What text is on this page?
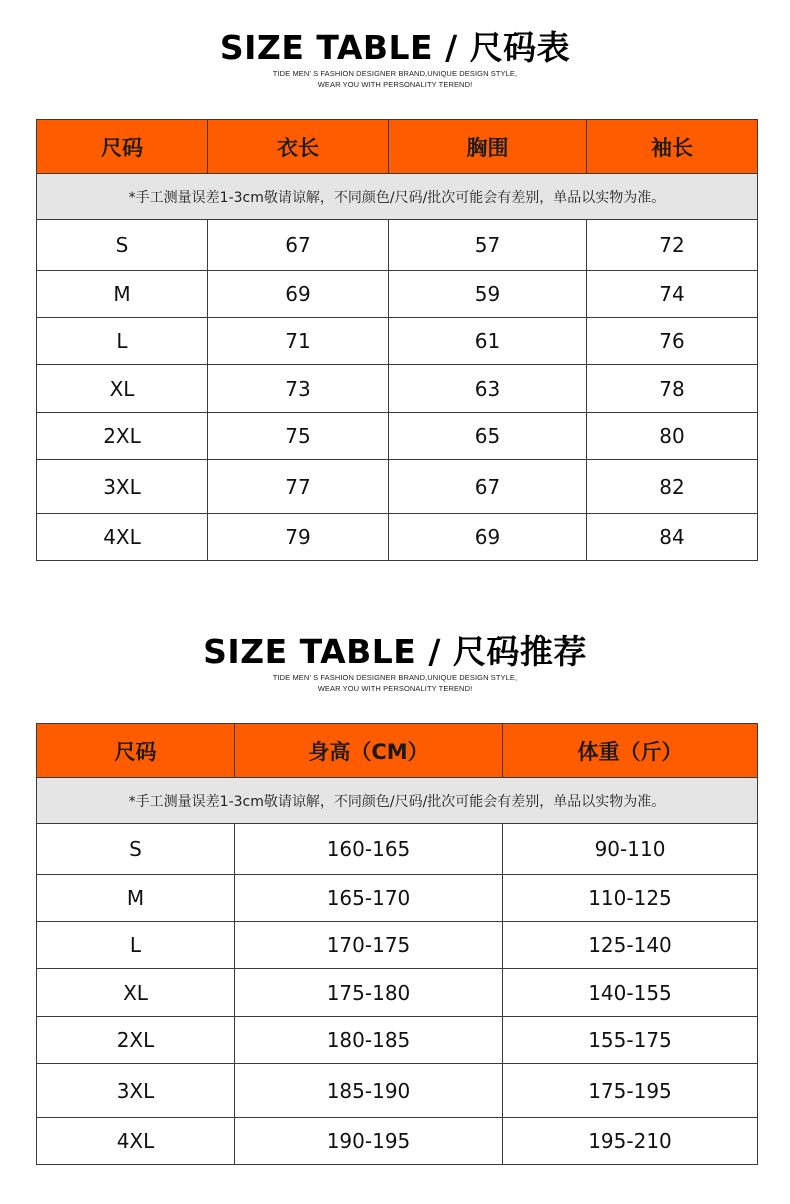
SIZE TABLE / 尺码表
TIDE MEN’ S FASHION DESIGNER BRAND,UNIQUE DESIGN STYLE,
WEAR YOU WITH PERSONALITY TEREND!
尺码	衣长	胸围	袖长
*手工测量误差1-3cm敬请谅解，不同颜色/尺码/批次可能会有差别，单品以实物为准。			
S	67	57	72
M	69	59	74
L	71	61	76
XL	73	63	78
2XL	75	65	80
3XL	77	67	82
4XL	79	69	84
SIZE TABLE / 尺码推荐
TIDE MEN’ S FASHION DESIGNER BRAND,UNIQUE DESIGN STYLE,
WEAR YOU WITH PERSONALITY TEREND!
尺码	身高（CM）	体重（斤）
*手工测量误差1-3cm敬请谅解，不同颜色/尺码/批次可能会有差别，单品以实物为准。		
S	160-165	90-110
M	165-170	110-125
L	170-175	125-140
XL	175-180	140-155
2XL	180-185	155-175
3XL	185-190	175-195
4XL	190-195	195-210
